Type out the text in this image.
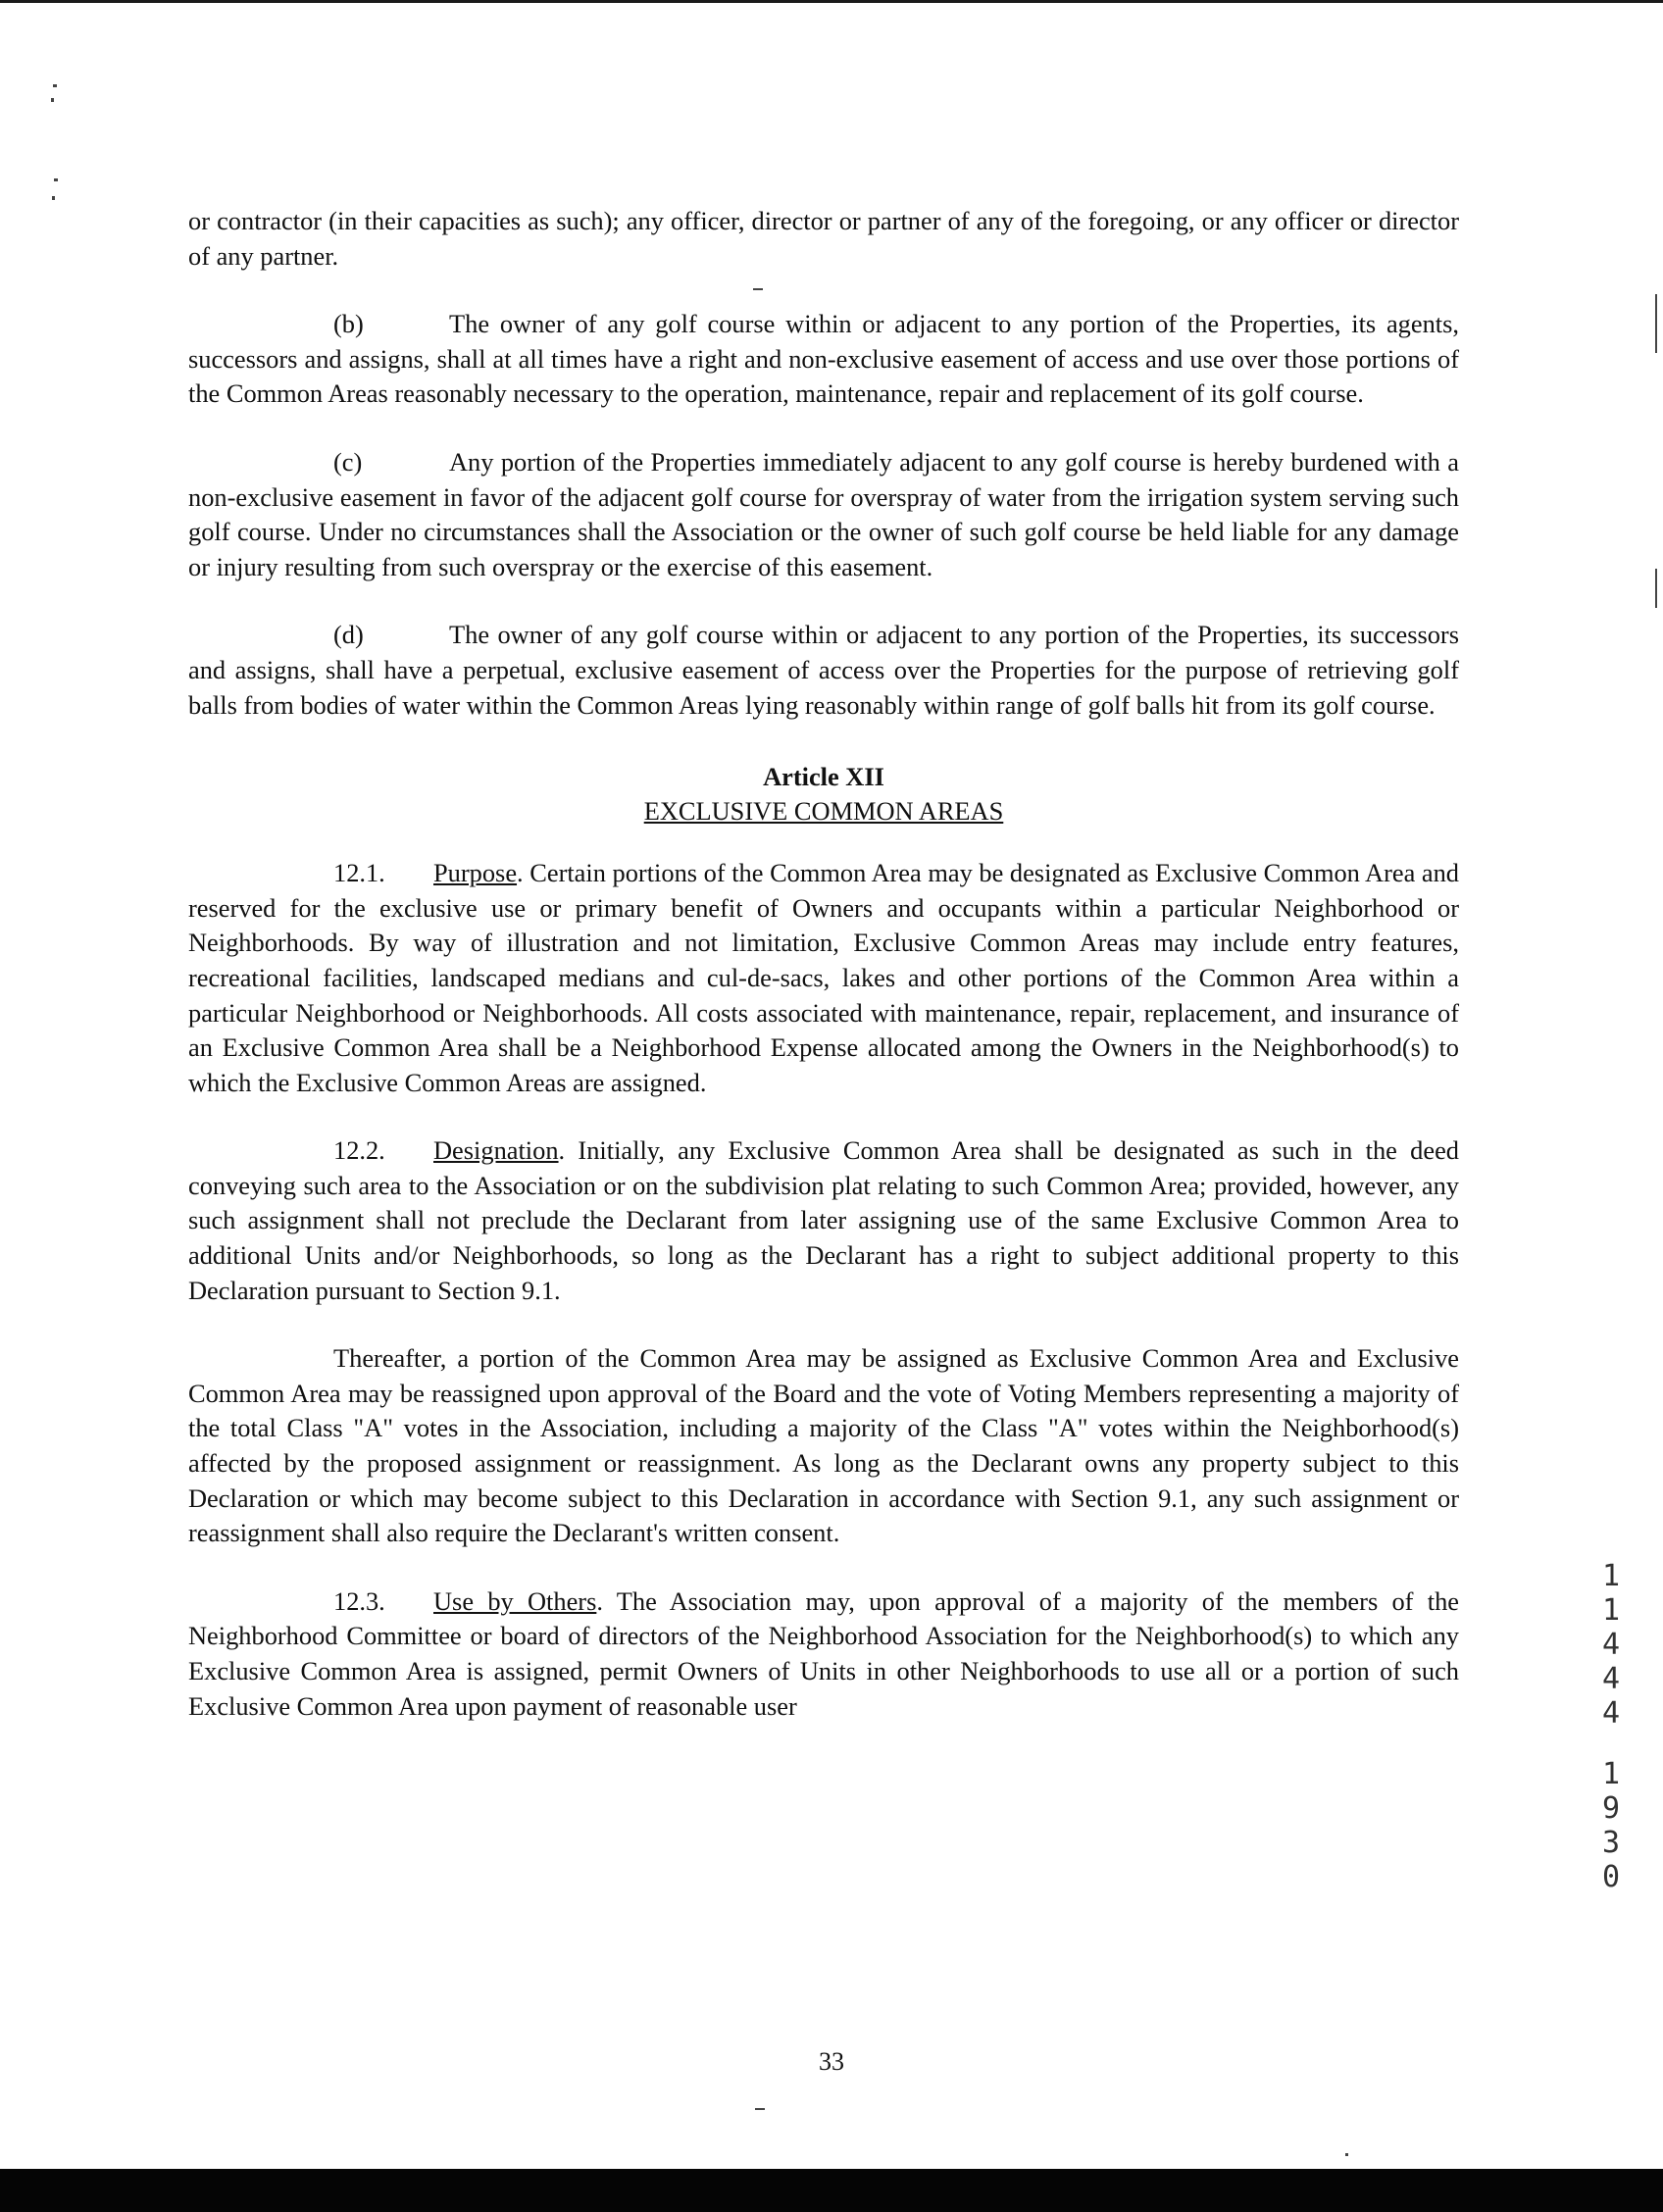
or contractor (in their capacities as such); any officer, director or partner of any of the foregoing, or any officer or director of any partner.

(b)	The owner of any golf course within or adjacent to any portion of the Properties, its agents, successors and assigns, shall at all times have a right and non-exclusive easement of access and use over those portions of the Common Areas reasonably necessary to the operation, maintenance, repair and replacement of its golf course.

(c)	Any portion of the Properties immediately adjacent to any golf course is hereby burdened with a non-exclusive easement in favor of the adjacent golf course for overspray of water from the irrigation system serving such golf course. Under no circumstances shall the Association or the owner of such golf course be held liable for any damage or injury resulting from such overspray or the exercise of this easement.

(d)	The owner of any golf course within or adjacent to any portion of the Properties, its successors and assigns, shall have a perpetual, exclusive easement of access over the Properties for the purpose of retrieving golf balls from bodies of water within the Common Areas lying reasonably within range of golf balls hit from its golf course.

Article XII
EXCLUSIVE COMMON AREAS

12.1. Purpose. Certain portions of the Common Area may be designated as Exclusive Common Area and reserved for the exclusive use or primary benefit of Owners and occupants within a particular Neighborhood or Neighborhoods. By way of illustration and not limitation, Exclusive Common Areas may include entry features, recreational facilities, landscaped medians and cul-de-sacs, lakes and other portions of the Common Area within a particular Neighborhood or Neighborhoods. All costs associated with maintenance, repair, replacement, and insurance of an Exclusive Common Area shall be a Neighborhood Expense allocated among the Owners in the Neighborhood(s) to which the Exclusive Common Areas are assigned.

12.2. Designation. Initially, any Exclusive Common Area shall be designated as such in the deed conveying such area to the Association or on the subdivision plat relating to such Common Area; provided, however, any such assignment shall not preclude the Declarant from later assigning use of the same Exclusive Common Area to additional Units and/or Neighborhoods, so long as the Declarant has a right to subject additional property to this Declaration pursuant to Section 9.1.

Thereafter, a portion of the Common Area may be assigned as Exclusive Common Area and Exclusive Common Area may be reassigned upon approval of the Board and the vote of Voting Members representing a majority of the total Class "A" votes in the Association, including a majority of the Class "A" votes within the Neighborhood(s) affected by the proposed assignment or reassignment. As long as the Declarant owns any property subject to this Declaration or which may become subject to this Declaration in accordance with Section 9.1, any such assignment or reassignment shall also require the Declarant's written consent.

12.3. Use by Others. The Association may, upon approval of a majority of the members of the Neighborhood Committee or board of directors of the Neighborhood Association for the Neighborhood(s) to which any Exclusive Common Area is assigned, permit Owners of Units in other Neighborhoods to use all or a portion of such Exclusive Common Area upon payment of reasonable user

33
1
1
4
4
4
1
9
3
0
